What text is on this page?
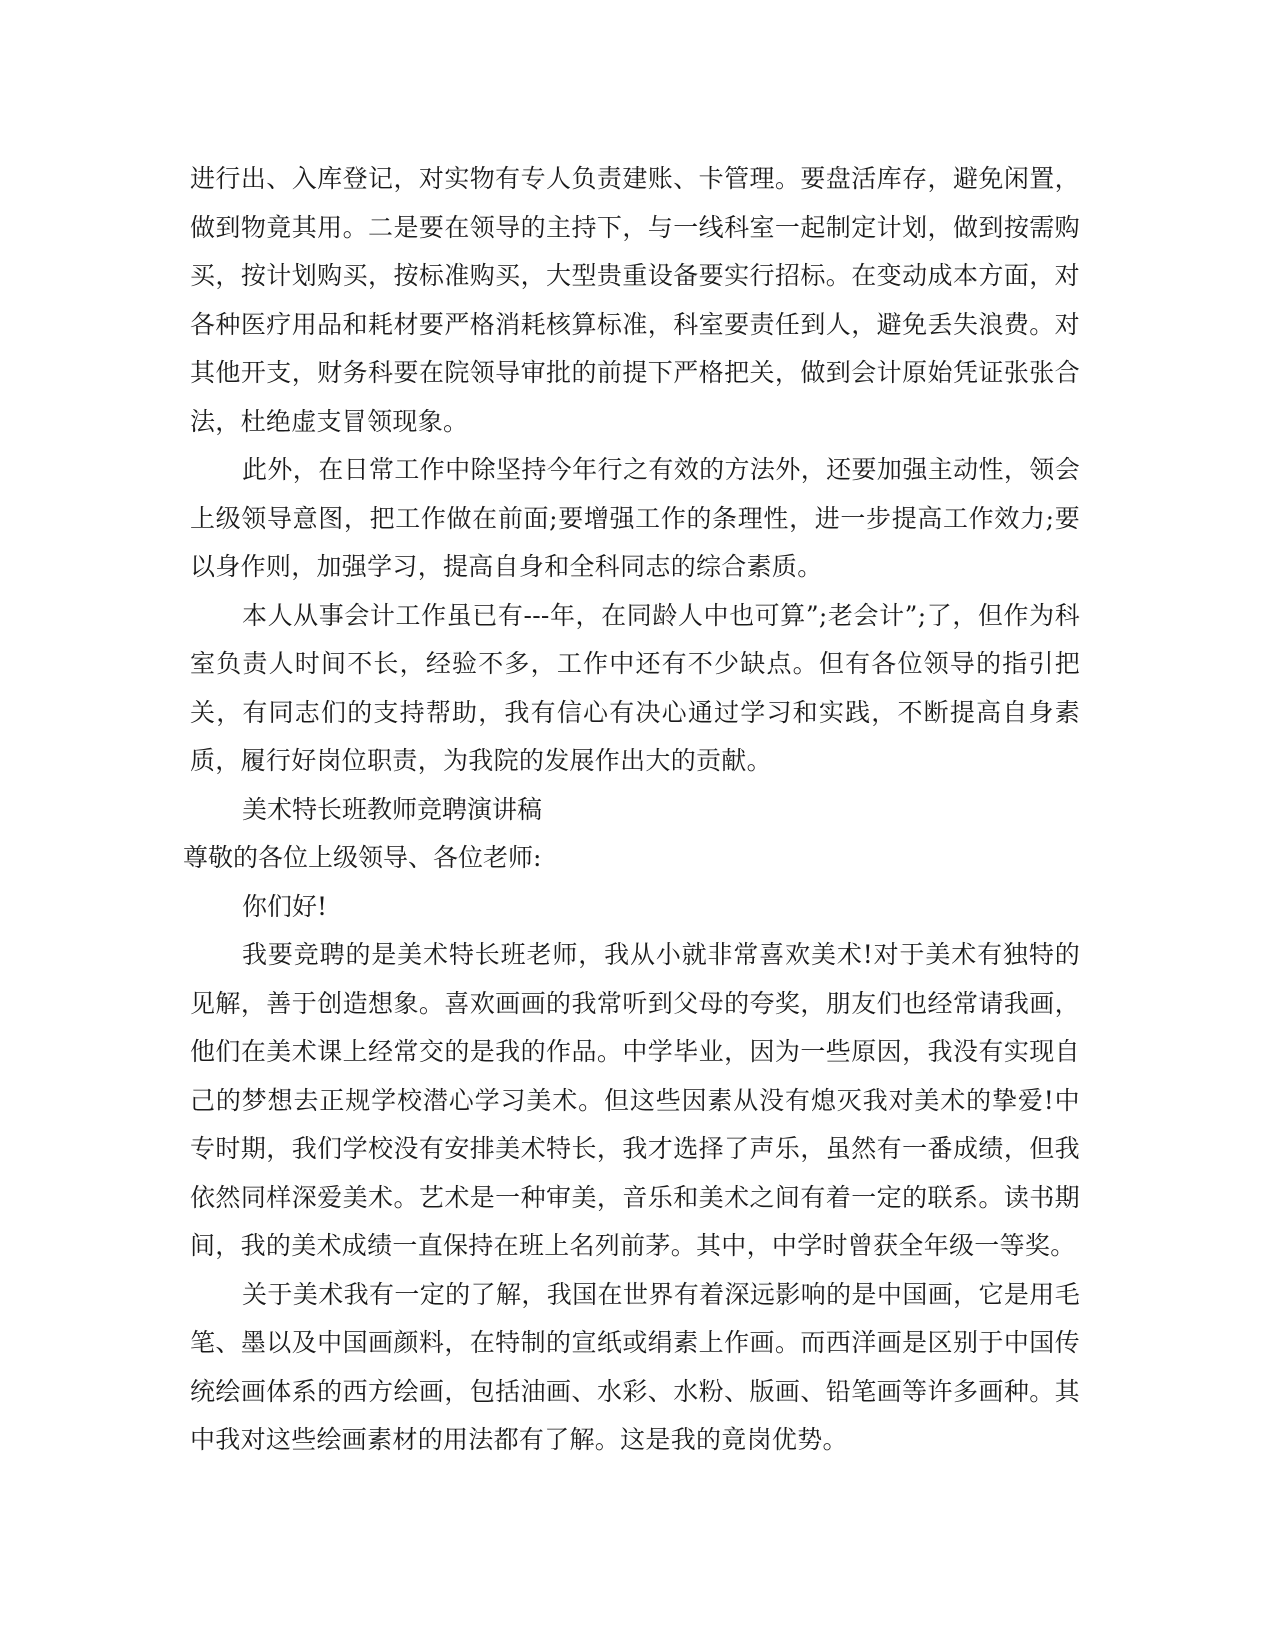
进行出、入库登记，对实物有专人负责建账、卡管理。要盘活库存，避免闲置，做到物竟其用。二是要在领导的主持下，与一线科室一起制定计划，做到按需购买，按计划购买，按标准购买，大型贵重设备要实行招标。在变动成本方面，对各种医疗用品和耗材要严格消耗核算标准，科室要责任到人，避免丢失浪费。对其他开支，财务科要在院领导审批的前提下严格把关，做到会计原始凭证张张合法，杜绝虚支冒领现象。

此外，在日常工作中除坚持今年行之有效的方法外，还要加强主动性，领会上级领导意图，把工作做在前面;要增强工作的条理性，进一步提高工作效力;要以身作则，加强学习，提高自身和全科同志的综合素质。

本人从事会计工作虽已有---年，在同龄人中也可算”;老会计”;了，但作为科室负责人时间不长，经验不多，工作中还有不少缺点。但有各位领导的指引把关，有同志们的支持帮助，我有信心有决心通过学习和实践，不断提高自身素质，履行好岗位职责，为我院的发展作出大的贡献。

美术特长班教师竞聘演讲稿

尊敬的各位上级领导、各位老师:

你们好!

我要竞聘的是美术特长班老师，我从小就非常喜欢美术!对于美术有独特的见解，善于创造想象。喜欢画画的我常听到父母的夸奖，朋友们也经常请我画，他们在美术课上经常交的是我的作品。中学毕业，因为一些原因，我没有实现自己的梦想去正规学校潜心学习美术。但这些因素从没有熄灭我对美术的挚爱!中专时期，我们学校没有安排美术特长，我才选择了声乐，虽然有一番成绩，但我依然同样深爱美术。艺术是一种审美，音乐和美术之间有着一定的联系。读书期间，我的美术成绩一直保持在班上名列前茅。其中，中学时曾获全年级一等奖。

关于美术我有一定的了解，我国在世界有着深远影响的是中国画，它是用毛笔、墨以及中国画颜料，在特制的宣纸或绢素上作画。而西洋画是区别于中国传统绘画体系的西方绘画，包括油画、水彩、水粉、版画、铅笔画等许多画种。其中我对这些绘画素材的用法都有了解。这是我的竟岗优势。
